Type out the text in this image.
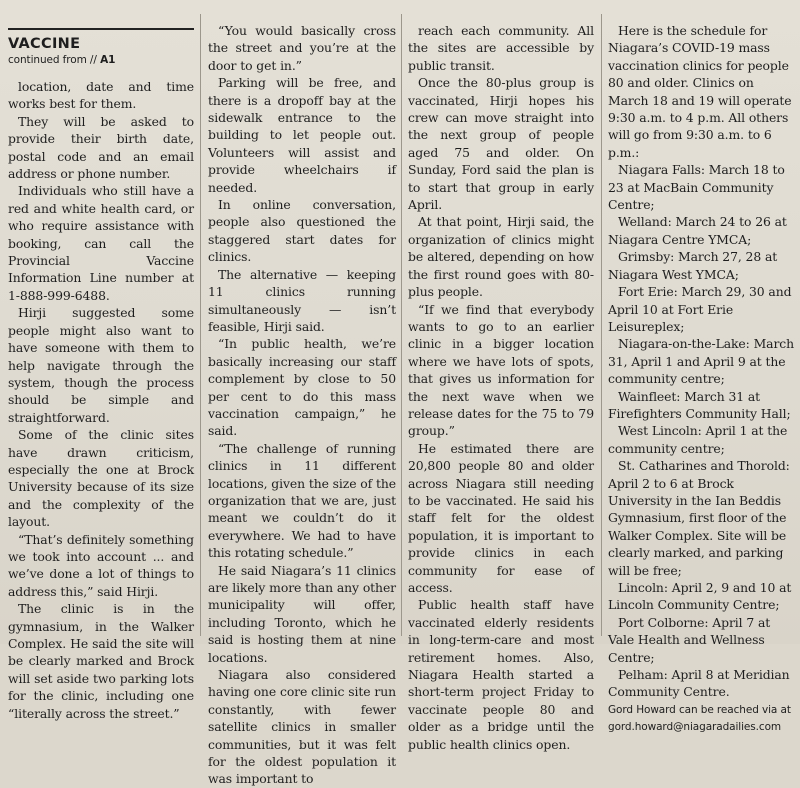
VACCINE

continued from // A1

location, date and time works best for them.

They will be asked to provide their birth date, postal code and an email address or phone number.

Individuals who still have a red and white health card, or who require assistance with booking, can call the Provincial Vaccine Information Line number at 1-888-999-6488.

Hirji suggested some people might also want to have someone with them to help navigate through the system, though the process should be simple and straightforward.

Some of the clinic sites have drawn criticism, especially the one at Brock University because of its size and the complexity of the layout.

“That’s definitely something we took into account ... and we’ve done a lot of things to address this,” said Hirji.

The clinic is in the gymnasium, in the Walker Complex. He said the site will be clearly marked and Brock will set aside two parking lots for the clinic, including one “literally across the street.”

“You would basically cross the street and you’re at the door to get in.”

Parking will be free, and there is a dropoff bay at the sidewalk entrance to the building to let people out. Volunteers will assist and provide wheelchairs if needed.

In online conversation, people also questioned the staggered start dates for clinics.

The alternative — keeping 11 clinics running simultaneously — isn’t feasible, Hirji said.

“In public health, we’re basically increasing our staff complement by close to 50 per cent to do this mass vaccination campaign,” he said.

“The challenge of running clinics in 11 different locations, given the size of the organization that we are, just meant we couldn’t do it everywhere. We had to have this rotating schedule.”

He said Niagara’s 11 clinics are likely more than any other municipality will offer, including Toronto, which he said is hosting them at nine locations.

Niagara also considered having one core clinic site run constantly, with fewer satellite clinics in smaller communities, but it was felt for the oldest population it was important to

reach each community. All the sites are accessible by public transit.

Once the 80-plus group is vaccinated, Hirji hopes his crew can move straight into the next group of people aged 75 and older. On Sunday, Ford said the plan is to start that group in early April.

At that point, Hirji said, the organization of clinics might be altered, depending on how the first round goes with 80-plus people.

“If we find that everybody wants to go to an earlier clinic in a bigger location where we have lots of spots, that gives us information for the next wave when we release dates for the 75 to 79 group.”

He estimated there are 20,800 people 80 and older across Niagara still needing to be vaccinated. He said his staff felt for the oldest population, it is important to provide clinics in each community for ease of access.

Public health staff have vaccinated elderly residents in long-term-care and most retirement homes. Also, Niagara Health started a short-term project Friday to vaccinate people 80 and older as a bridge until the public health clinics open.

Here is the schedule for Niagara’s COVID-19 mass vaccination clinics for people 80 and older. Clinics on March 18 and 19 will operate 9:30 a.m. to 4 p.m. All others will go from 9:30 a.m. to 6 p.m.:

Niagara Falls: March 18 to 23 at MacBain Community Centre;

Welland: March 24 to 26 at Niagara Centre YMCA;

Grimsby: March 27, 28 at Niagara West YMCA;

Fort Erie: March 29, 30 and April 10 at Fort Erie Leisureplex;

Niagara-on-the-Lake: March 31, April 1 and April 9 at the community centre;

Wainfleet: March 31 at Firefighters Community Hall;

West Lincoln: April 1 at the community centre;

St. Catharines and Thorold: April 2 to 6 at Brock University in the Ian Beddis Gymnasium, first floor of the Walker Complex. Site will be clearly marked, and parking will be free;

Lincoln: April 2, 9 and 10 at Lincoln Community Centre;

Port Colborne: April 7 at Vale Health and Wellness Centre;

Pelham: April 8 at Meridian Community Centre.

Gord Howard can be reached via at

gord.howard@niagaradailies.com
